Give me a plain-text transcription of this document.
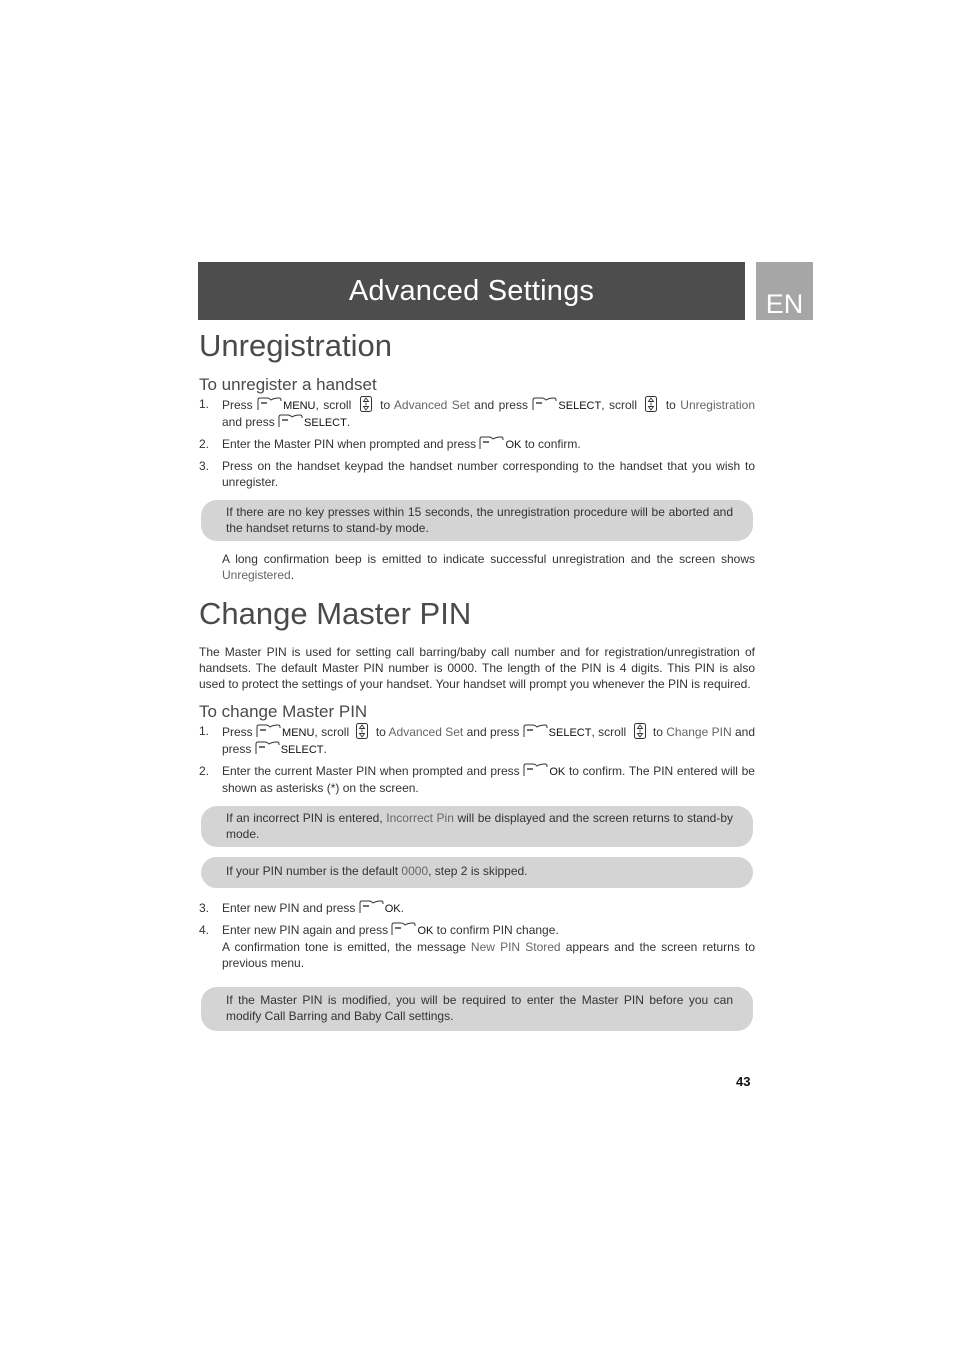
Advanced Settings	EN
Unregistration
To unregister a handset
1. Press
MENU, scroll
to Advanced Set and press
SELECT, scroll
to Unregistration and press
SELECT.
2. Enter the Master PIN when prompted and press
OK to confirm.
3. Press on the handset keypad the handset number corresponding to the handset that you wish to unregister.
If there are no key presses within 15 seconds, the unregistration procedure will be aborted and the handset returns to stand-by mode.

A long confirmation beep is emitted to indicate successful unregistration and the screen shows Unregistered.

Change Master PIN

The Master PIN is used for setting call barring/baby call number and for registration/unregistration of handsets. The default Master PIN number is 0000. The length of the PIN is 4 digits. This PIN is also used to protect the settings of your handset. Your handset will prompt you whenever the PIN is required.

To change Master PIN
1. Press
MENU, scroll
to Advanced Set and press
SELECT, scroll
to Change PIN and press
SELECT.
2. Enter the current Master PIN when prompted and press
OK to confirm. The PIN entered will be shown as asterisks (*) on the screen.
If an incorrect PIN is entered, Incorrect Pin will be displayed and the screen returns to stand-by mode.
If your PIN number is the default 0000, step 2 is skipped.
3. Enter new PIN and press
OK.
4. Enter new PIN again and press
OK to confirm PIN change.
A confirmation tone is emitted, the message New PIN Stored appears and the screen returns to previous menu.
If the Master PIN is modified, you will be required to enter the Master PIN before you can modify Call Barring and Baby Call settings.
43
